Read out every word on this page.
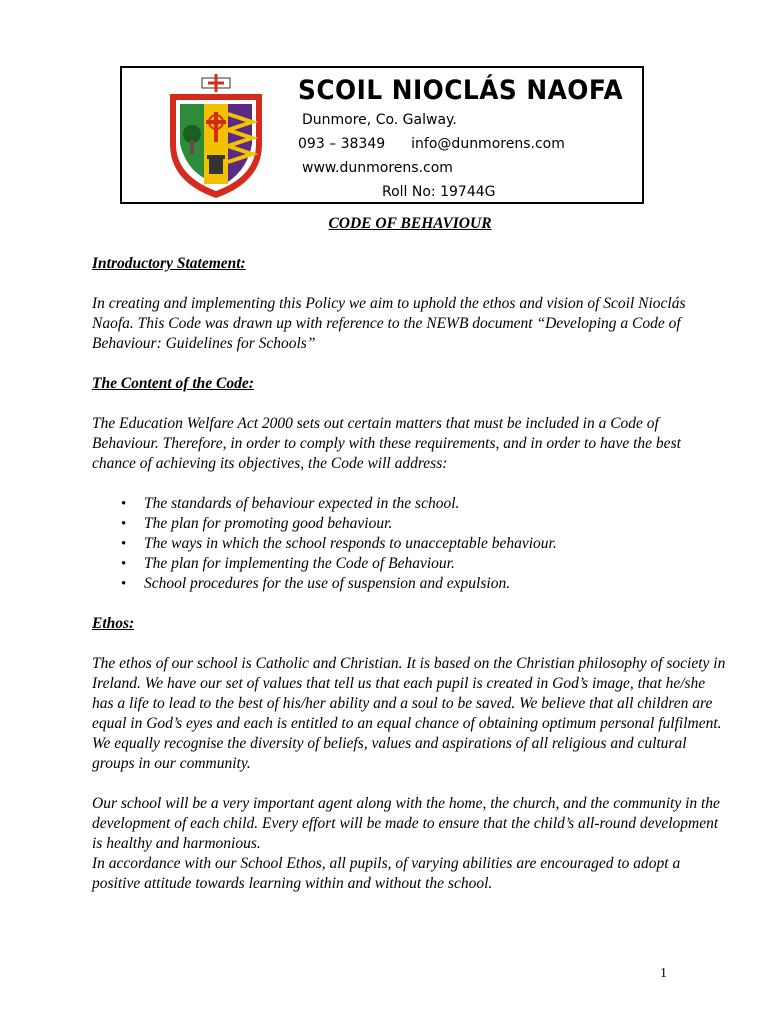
SCOIL NIOCLÁS NAOFA
Dunmore, Co. Galway.
093 – 38349 info@dunmorens.com
www.dunmorens.com
Roll No: 19744G

CODE OF BEHAVIOUR

Introductory Statement:

In creating and implementing this Policy we aim to uphold the ethos and vision of Scoil Nioclás Naofa. This Code was drawn up with reference to the NEWB document “Developing a Code of Behaviour: Guidelines for Schools”

The Content of the Code:

The Education Welfare Act 2000 sets out certain matters that must be included in a Code of Behaviour. Therefore, in order to comply with these requirements, and in order to have the best chance of achieving its objectives, the Code will address:

• The standards of behaviour expected in the school.
• The plan for promoting good behaviour.
• The ways in which the school responds to unacceptable behaviour.
• The plan for implementing the Code of Behaviour.
• School procedures for the use of suspension and expulsion.

Ethos:

The ethos of our school is Catholic and Christian. It is based on the Christian philosophy of society in Ireland. We have our set of values that tell us that each pupil is created in God’s image, that he/she has a life to lead to the best of his/her ability and a soul to be saved. We believe that all children are equal in God’s eyes and each is entitled to an equal chance of obtaining optimum personal fulfilment. We equally recognise the diversity of beliefs, values and aspirations of all religious and cultural groups in our community.

Our school will be a very important agent along with the home, the church, and the community in the development of each child. Every effort will be made to ensure that the child’s all-round development is healthy and harmonious.

In accordance with our School Ethos, all pupils, of varying abilities are encouraged to adopt a positive attitude towards learning within and without the school.

1
